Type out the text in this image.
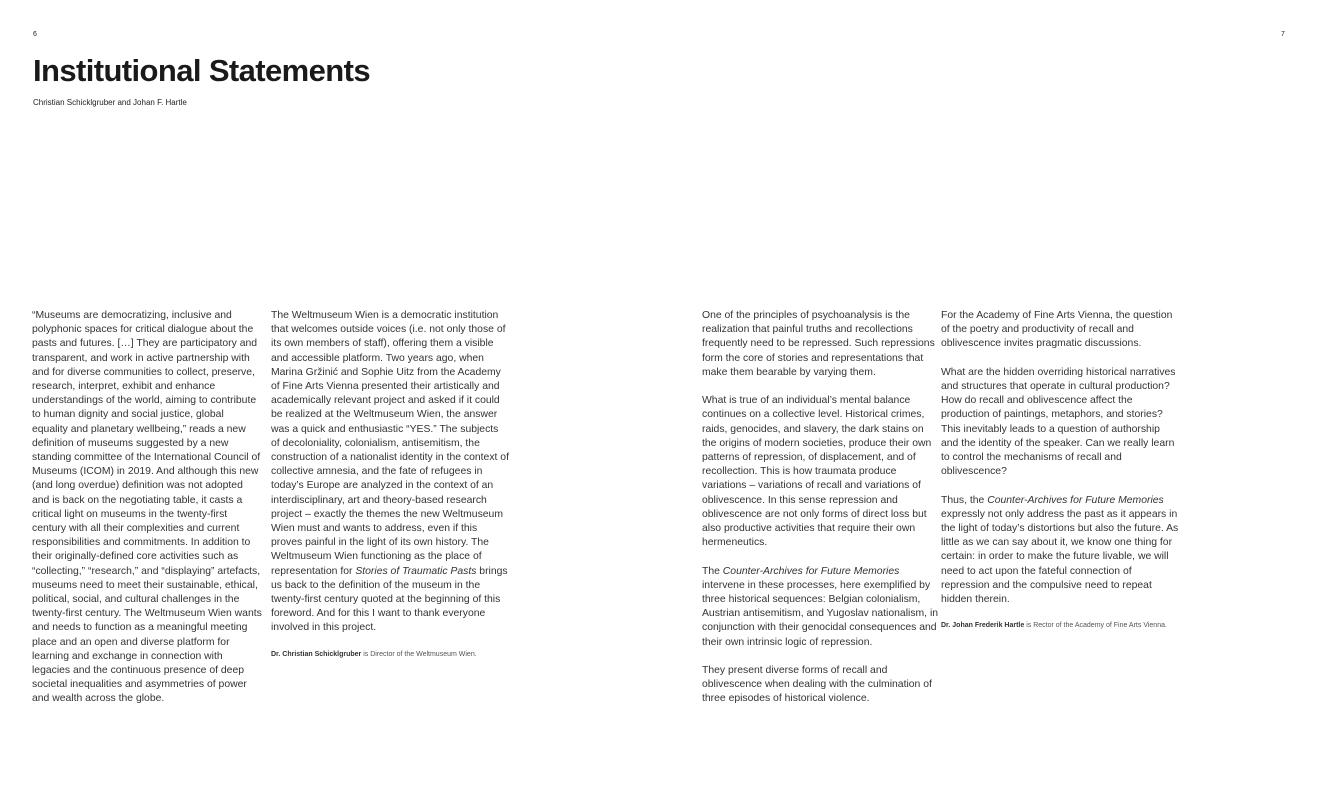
6	7
Institutional Statements
Christian Schicklgruber and Johan F. Hartle

“Museums are democratizing, inclusive and polyphonic spaces for critical dialogue about the pasts and futures. […] They are participatory and transparent, and work in active partnership with and for diverse communities to collect, preserve, research, interpret, exhibit and enhance understandings of the world, aiming to contribute to human dignity and social justice, global equality and planetary wellbeing,” reads a new definition of museums suggested by a new standing committee of the International Council of Museums (ICOM) in 2019. And although this new (and long overdue) definition was not adopted and is back on the negotiating table, it casts a critical light on museums in the twenty-first century with all their complexities and current responsibilities and commitments. In addition to their originally-defined core activities such as “collecting,” “research,” and “displaying” artefacts, museums need to meet their sustainable, ethical, political, social, and cultural challenges in the twenty-first century. The Weltmuseum Wien wants and needs to function as a meaningful meeting place and an open and diverse platform for learning and exchange in connection with legacies and the continuous presence of deep societal inequalities and asymmetries of power and wealth across the globe.

The Weltmuseum Wien is a democratic institution that welcomes outside voices (i.e. not only those of its own members of staff), offering them a visible and accessible platform. Two years ago, when Marina Gržinić and Sophie Uitz from the Academy of Fine Arts Vienna presented their artistically and academically relevant project and asked if it could be realized at the Weltmuseum Wien, the answer was a quick and enthusiastic “YES.” The subjects of decoloniality, colonialism, antisemitism, the construction of a nationalist identity in the context of collective amnesia, and the fate of refugees in today’s Europe are analyzed in the context of an interdisciplinary, art and theory-based research project – exactly the themes the new Weltmuseum Wien must and wants to address, even if this proves painful in the light of its own history. The Weltmuseum Wien functioning as the place of representation for Stories of Traumatic Pasts brings us back to the definition of the museum in the twenty-first century quoted at the beginning of this foreword. And for this I want to thank everyone involved in this project.

Dr. Christian Schicklgruber is Director of the Weltmuseum Wien.

One of the principles of psychoanalysis is the realization that painful truths and recollections frequently need to be repressed. Such repressions form the core of stories and representations that make them bearable by varying them.

What is true of an individual’s mental balance continues on a collective level. Historical crimes, raids, genocides, and slavery, the dark stains on the origins of modern societies, produce their own patterns of repression, of displacement, and of recollection. This is how traumata produce variations – variations of recall and variations of oblivescence. In this sense repression and oblivescence are not only forms of direct loss but also productive activities that require their own hermeneutics.

The Counter-Archives for Future Memories intervene in these processes, here exemplified by three historical sequences: Belgian colonialism, Austrian antisemitism, and Yugoslav nationalism, in conjunction with their genocidal consequences and their own intrinsic logic of repression.

They present diverse forms of recall and oblivescence when dealing with the culmination of three episodes of historical violence.

For the Academy of Fine Arts Vienna, the question of the poetry and productivity of recall and oblivescence invites pragmatic discussions.

What are the hidden overriding historical narratives and structures that operate in cultural production? How do recall and oblivescence affect the production of paintings, metaphors, and stories? This inevitably leads to a question of authorship and the identity of the speaker. Can we really learn to control the mechanisms of recall and oblivescence?

Thus, the Counter-Archives for Future Memories expressly not only address the past as it appears in the light of today’s distortions but also the future. As little as we can say about it, we know one thing for certain: in order to make the future livable, we will need to act upon the fateful connection of repression and the compulsive need to repeat hidden therein.

Dr. Johan Frederik Hartle is Rector of the Academy of Fine Arts Vienna.
